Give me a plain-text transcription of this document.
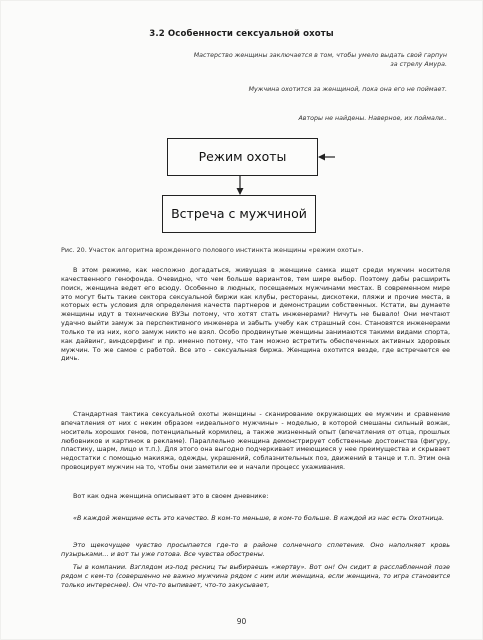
3.2 Особенности сексуальной охоты
Мастерство женщины заключается в том, чтобы умело выдать свой гарпун за стрелу Амура.
Мужчина охотится за женщиной, пока она его не поймает.
Авторы не найдены. Наверное, их поймали..
Режим охоты
Встреча с мужчиной
Рис. 20. Участок алгоритма врожденного полового инстинкта женщины «режим охоты».
В этом режиме, как несложно догадаться, живущая в женщине самка ищет среди мужчин носителя качественного генофонда. Очевидно, что чем больше вариантов, тем шире выбор. Поэтому дабы расширить поиск, женщина ведет его всюду. Особенно в людных, посещаемых мужчинами местах. В современном мире это могут быть такие сектора сексуальной биржи как клубы, рестораны, дискотеки, пляжи и прочие места, в которых есть условия для определения качеств партнеров и демонстрации собственных. Кстати, вы думаете женщины идут в технические ВУЗы потому, что хотят стать инженерами? Ничуть не бывало! Они мечтают удачно выйти замуж за перспективного инженера и забыть учебу как страшный сон. Становятся инженерами только те из них, кого замуж никто не взял. Особо продвинутые женщины занимаются такими видами спорта, как дайвинг, виндсерфинг и пр. именно потому, что там можно встретить обеспеченных активных здоровых мужчин. То же самое с работой. Все это - сексуальная биржа. Женщина охотится везде, где встречается ее дичь.
Стандартная тактика сексуальной охоты женщины - сканирование окружающих ее мужчин и сравнение впечатления от них с неким образом «идеального мужчины» - моделью, в которой смешаны сильный вожак, носитель хороших генов, потенциальный кормилец, а также жизненный опыт (впечатления от отца, прошлых любовников и картинок в рекламе). Параллельно женщина демонстрирует собственные достоинства (фигуру, пластику, шарм, лицо и т.п.). Для этого она выгодно подчеркивает имеющиеся у нее преимущества и скрывает недостатки с помощью макияжа, одежды, украшений, соблазнительных поз, движений в танце и т.п. Этим она провоцирует мужчин на то, чтобы они заметили ее и начали процесс ухаживания.
Вот как одна женщина описывает это в своем дневнике:
«В каждой женщине есть это качество. В ком-то меньше, в ком-то больше. В каждой из нас есть Охотница.
Это щекочущее чувство просыпается где-то в районе солнечного сплетения. Оно наполняет кровь пузырьками… и вот ты уже готова. Все чувства обострены.
Ты в компании. Взглядом из-под ресниц ты выбираешь «жертву». Вот он! Он сидит в расслабленной позе рядом с кем-то (совершенно не важно мужчина рядом с ним или женщина, если женщина, то игра становится только интереснее). Он что-то выпивает, что-то закусывает,
90
